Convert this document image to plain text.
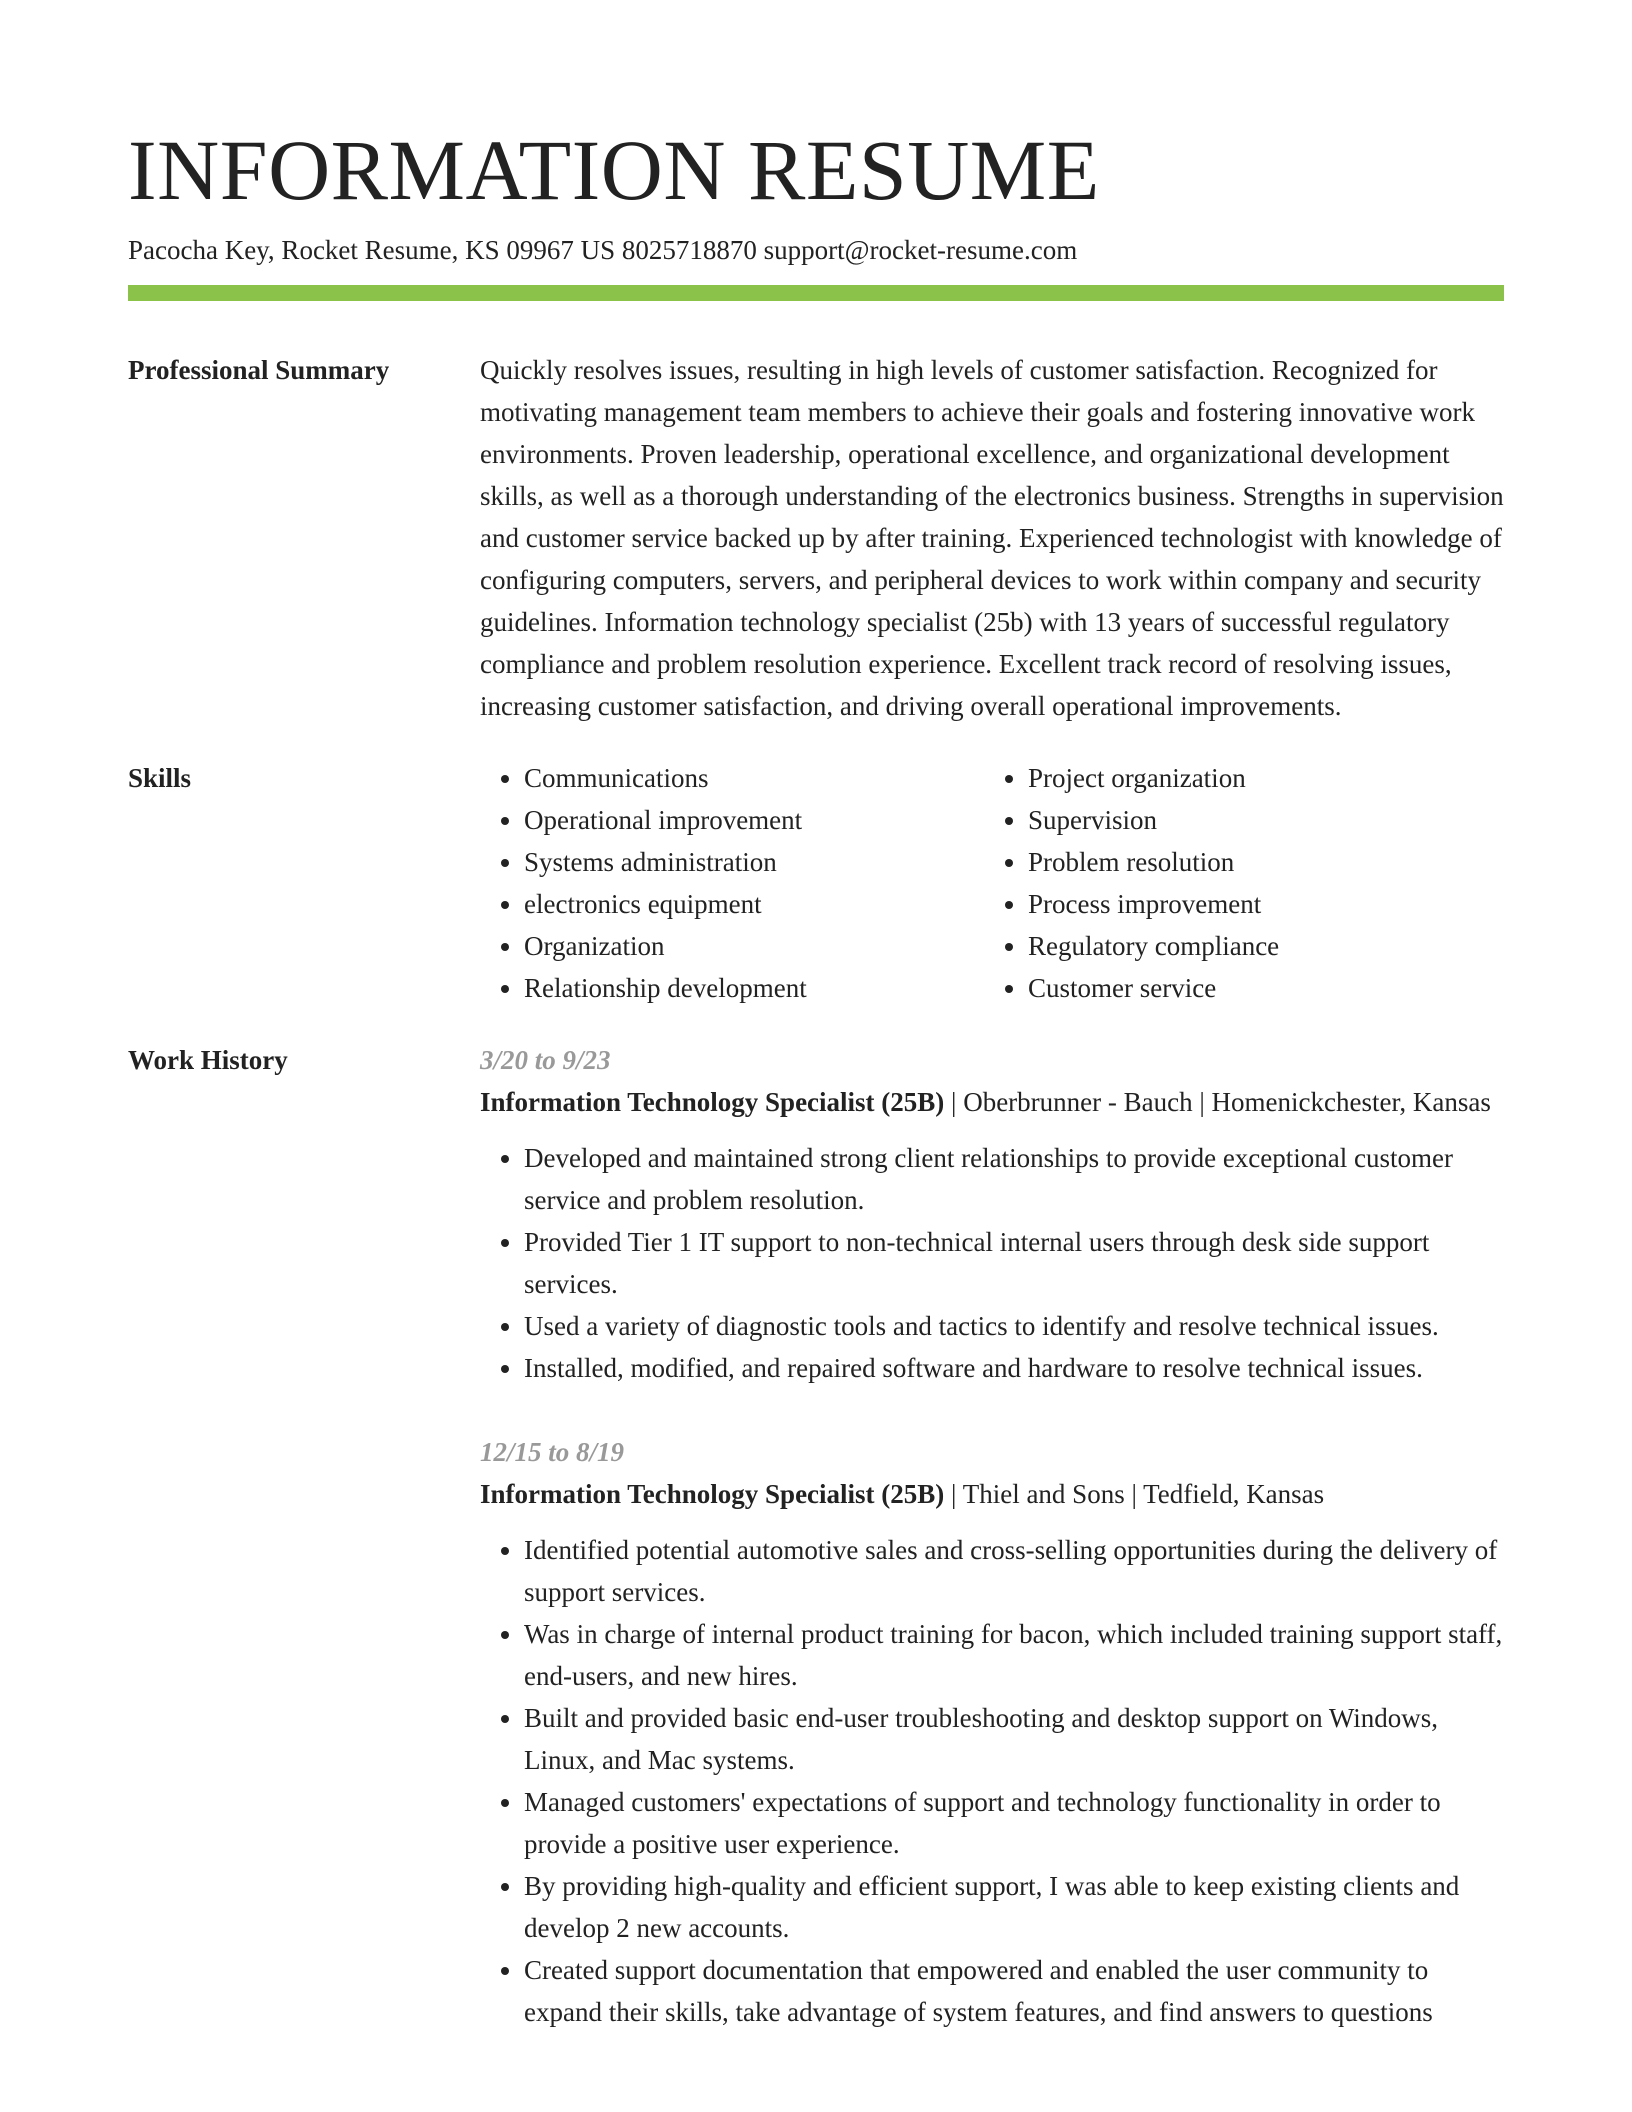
INFORMATION RESUME
Pacocha Key, Rocket Resume, KS 09967 US 8025718870 support@rocket-resume.com
Professional Summary	Quickly resolves issues, resulting in high levels of customer satisfaction. Recognized for motivating management team members to achieve their goals and fostering innovative work environments. Proven leadership, operational excellence, and organizational development skills, as well as a thorough understanding of the electronics business. Strengths in supervision and customer service backed up by after training. Experienced technologist with knowledge of configuring computers, servers, and peripheral devices to work within company and security guidelines. Information technology specialist (25b) with 13 years of successful regulatory compliance and problem resolution experience. Excellent track record of resolving issues, increasing customer satisfaction, and driving overall operational improvements.

Skills
•	Communications
• Operational improvement
• Systems administration
• electronics equipment
• Organization
• Relationship development
• Project organization
• Supervision
• Problem resolution
• Process improvement
• Regulatory compliance
• Customer service
Work History	3/20 to 9/23
Information Technology Specialist (25B) | Oberbrunner - Bauch | Homenickchester, Kansas
• Developed and maintained strong client relationships to provide exceptional customer service and problem resolution.
• Provided Tier 1 IT support to non-technical internal users through desk side support services.
• Used a variety of diagnostic tools and tactics to identify and resolve technical issues.
• Installed, modified, and repaired software and hardware to resolve technical issues.
12/15 to 8/19
Information Technology Specialist (25B) | Thiel and Sons | Tedfield, Kansas
• Identified potential automotive sales and cross-selling opportunities during the delivery of support services.
• Was in charge of internal product training for bacon, which included training support staff, end-users, and new hires.
• Built and provided basic end-user troubleshooting and desktop support on Windows, Linux, and Mac systems.
• Managed customers' expectations of support and technology functionality in order to provide a positive user experience.
• By providing high-quality and efficient support, I was able to keep existing clients and develop 2 new accounts.
• Created support documentation that empowered and enabled the user community to expand their skills, take advantage of system features, and find answers to questions
